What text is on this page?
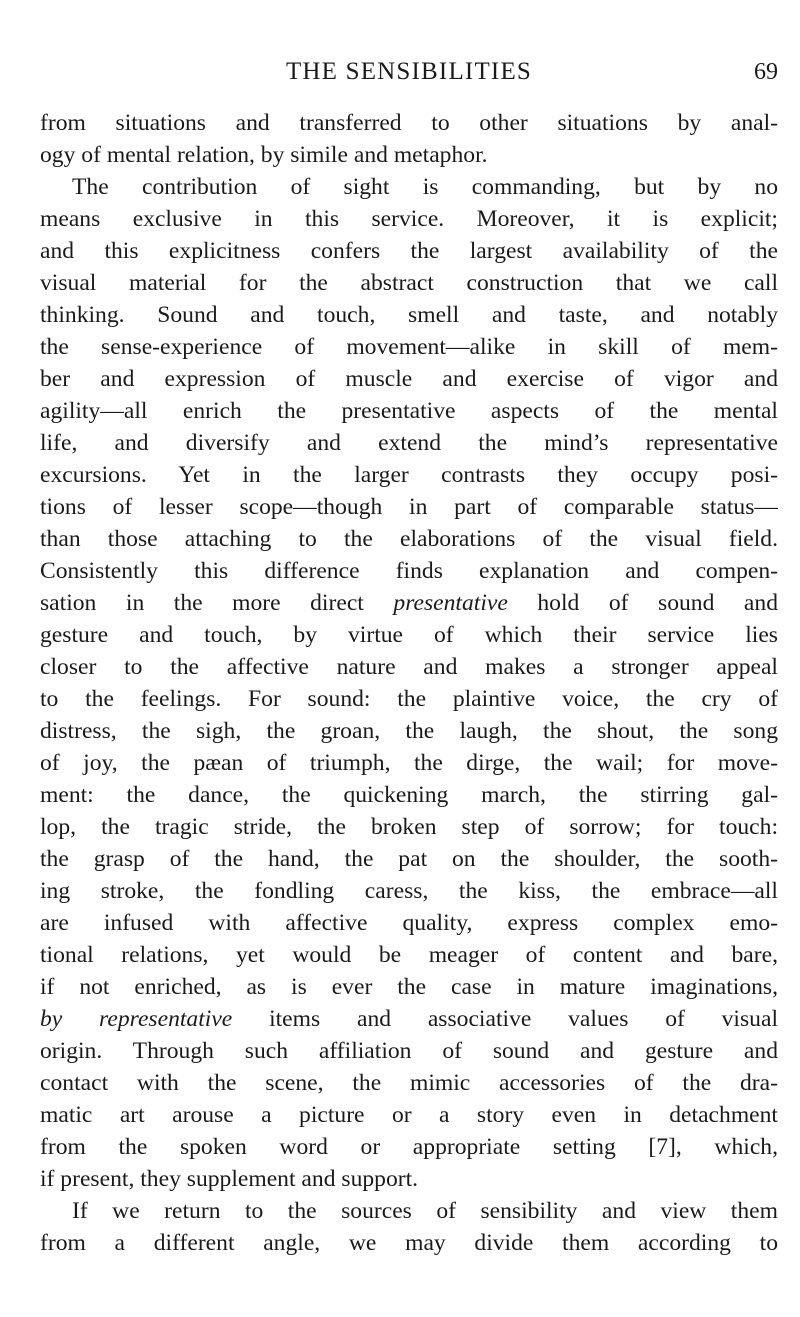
THE SENSIBILITIES	69
from situations and transferred to other situations by anal-
ogy of mental relation, by simile and metaphor.
The contribution of sight is commanding, but by no
means exclusive in this service. Moreover, it is explicit;
and this explicitness confers the largest availability of the
visual material for the abstract construction that we call
thinking. Sound and touch, smell and taste, and notably
the sense-experience of movement—alike in skill of mem-
ber and expression of muscle and exercise of vigor and
agility—all enrich the presentative aspects of the mental
life, and diversify and extend the mind’s representative
excursions. Yet in the larger contrasts they occupy posi-
tions of lesser scope—though in part of comparable status—
than those attaching to the elaborations of the visual field.
Consistently this difference finds explanation and compen-
sation in the more direct presentative hold of sound and
gesture and touch, by virtue of which their service lies
closer to the affective nature and makes a stronger appeal
to the feelings. For sound: the plaintive voice, the cry of
distress, the sigh, the groan, the laugh, the shout, the song
of joy, the pæan of triumph, the dirge, the wail; for move-
ment: the dance, the quickening march, the stirring gal-
lop, the tragic stride, the broken step of sorrow; for touch:
the grasp of the hand, the pat on the shoulder, the sooth-
ing stroke, the fondling caress, the kiss, the embrace—all
are infused with affective quality, express complex emo-
tional relations, yet would be meager of content and bare,
if not enriched, as is ever the case in mature imaginations,
by representative items and associative values of visual
origin. Through such affiliation of sound and gesture and
contact with the scene, the mimic accessories of the dra-
matic art arouse a picture or a story even in detachment
from the spoken word or appropriate setting [7], which,
if present, they supplement and support.
If we return to the sources of sensibility and view them
from a different angle, we may divide them according to
